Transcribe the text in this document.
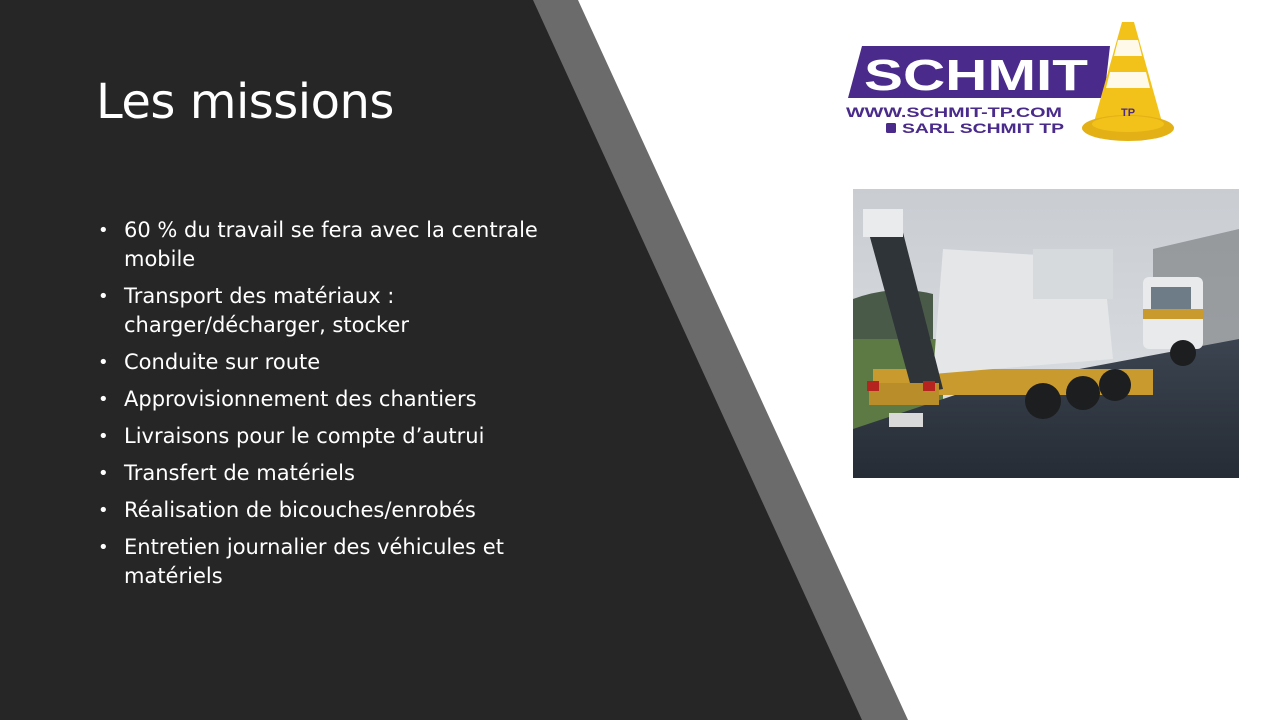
Les missions
• 60 % du travail se fera avec la centrale mobile
• Transport des matériaux : charger/décharger, stocker
• Conduite sur route
• Approvisionnement des chantiers
• Livraisons pour le compte d’autrui
• Transfert de matériels
• Réalisation de bicouches/enrobés
• Entretien journalier des véhicules et matériels
SCHMIT
TP
WWW.SCHMIT-TP.COM
SARL SCHMIT TP
